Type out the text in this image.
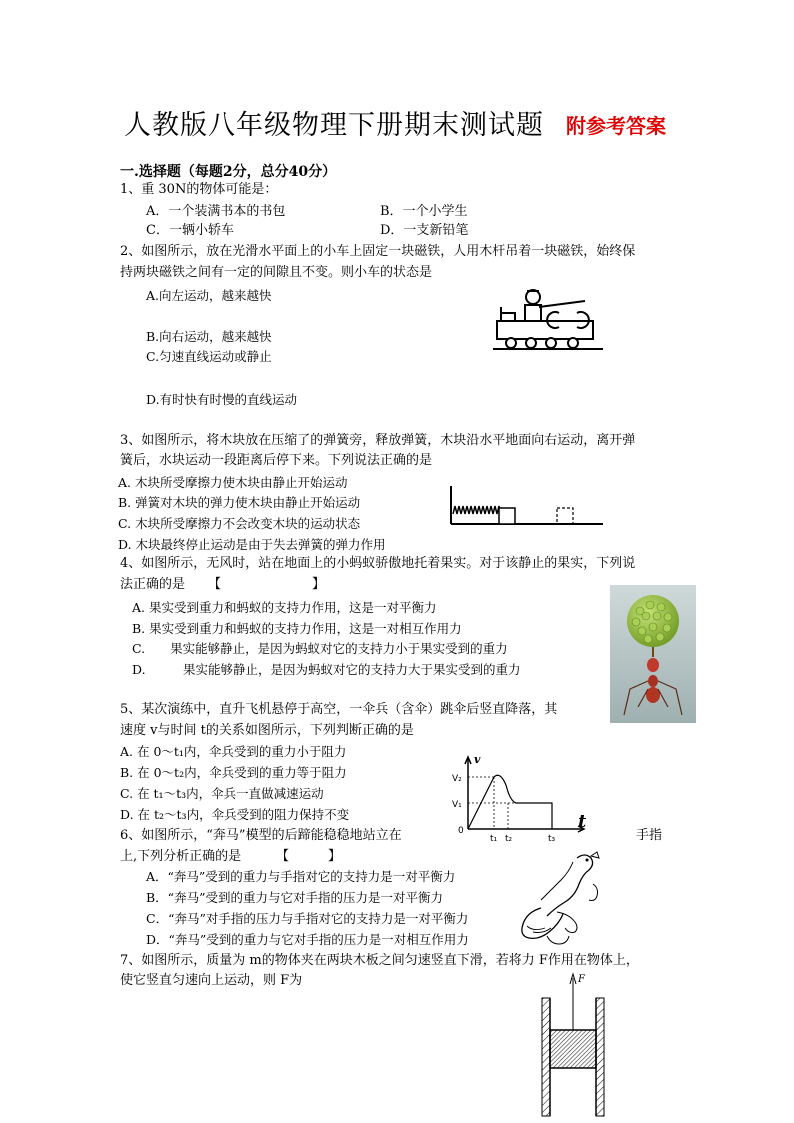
人教版八年级物理下册期末测试题 附参考答案
一.选择题（每题2分，总分40分）
1、重 30N的物体可能是：
A．一个装满书本的书包	B．一个小学生
C．一辆小轿车	D．一支新铅笔
2、如图所示，放在光滑水平面上的小车上固定一块磁铁，人用木杆吊着一块磁铁，始终保
持两块磁铁之间有一定的间隙且不变。则小车的状态是
A.向左运动，越来越快
B.向右运动，越来越快
C.匀速直线运动或静止
D.有时快有时慢的直线运动
3、如图所示，将木块放在压缩了的弹簧旁，释放弹簧，木块沿水平地面向右运动，离开弹
簧后，水块运动一段距离后停下来。下列说法正确的是
A. 木块所受摩擦力使木块由静止开始运动
B. 弹簧对木块的弹力使木块由静止开始运动
C. 木块所受摩擦力不会改变木块的运动状态
D. 木块最终停止运动是由于失去弹簧的弹力作用
4、如图所示，无风时，站在地面上的小蚂蚁骄傲地托着果实。对于该静止的果实，下列说
法正确的是 【　　　　　　　】
A. 果实受到重力和蚂蚁的支持力作用，这是一对平衡力
B. 果实受到重力和蚂蚁的支持力作用，这是一对相互作用力
C.　　果实能够静止，是因为蚂蚁对它的支持力小于果实受到的重力
D.　　　果实能够静止，是因为蚂蚁对它的支持力大于果实受到的重力
5、某次演练中，直升飞机悬停于高空，一伞兵（含伞）跳伞后竖直降落，其
速度 v与时间 t的关系如图所示，下列判断正确的是
A. 在 0～t₁内，伞兵受到的重力小于阻力
B. 在 0～t₂内，伞兵受到的重力等于阻力
C. 在 t₁～t₃内，伞兵一直做减速运动
D. 在 t₂～t₃内，伞兵受到的阻力保持不变
v
t
V₂
V₁
0
t₁ t₂	t₃
6、如图所示，“奔马”模型的后蹄能稳稳地站立在	手指
上,下列分析正确的是	【　　　】
A．“奔马”受到的重力与手指对它的支持力是一对平衡力
B．“奔马”受到的重力与它对手指的压力是一对平衡力
C．“奔马”对手指的压力与手指对它的支持力是一对平衡力
D．“奔马”受到的重力与它对手指的压力是一对相互作用力
7、如图所示，质量为 m的物体夹在两块木板之间匀速竖直下滑，若将力 F作用在物体上，
使它竖直匀速向上运动，则 F为	F
